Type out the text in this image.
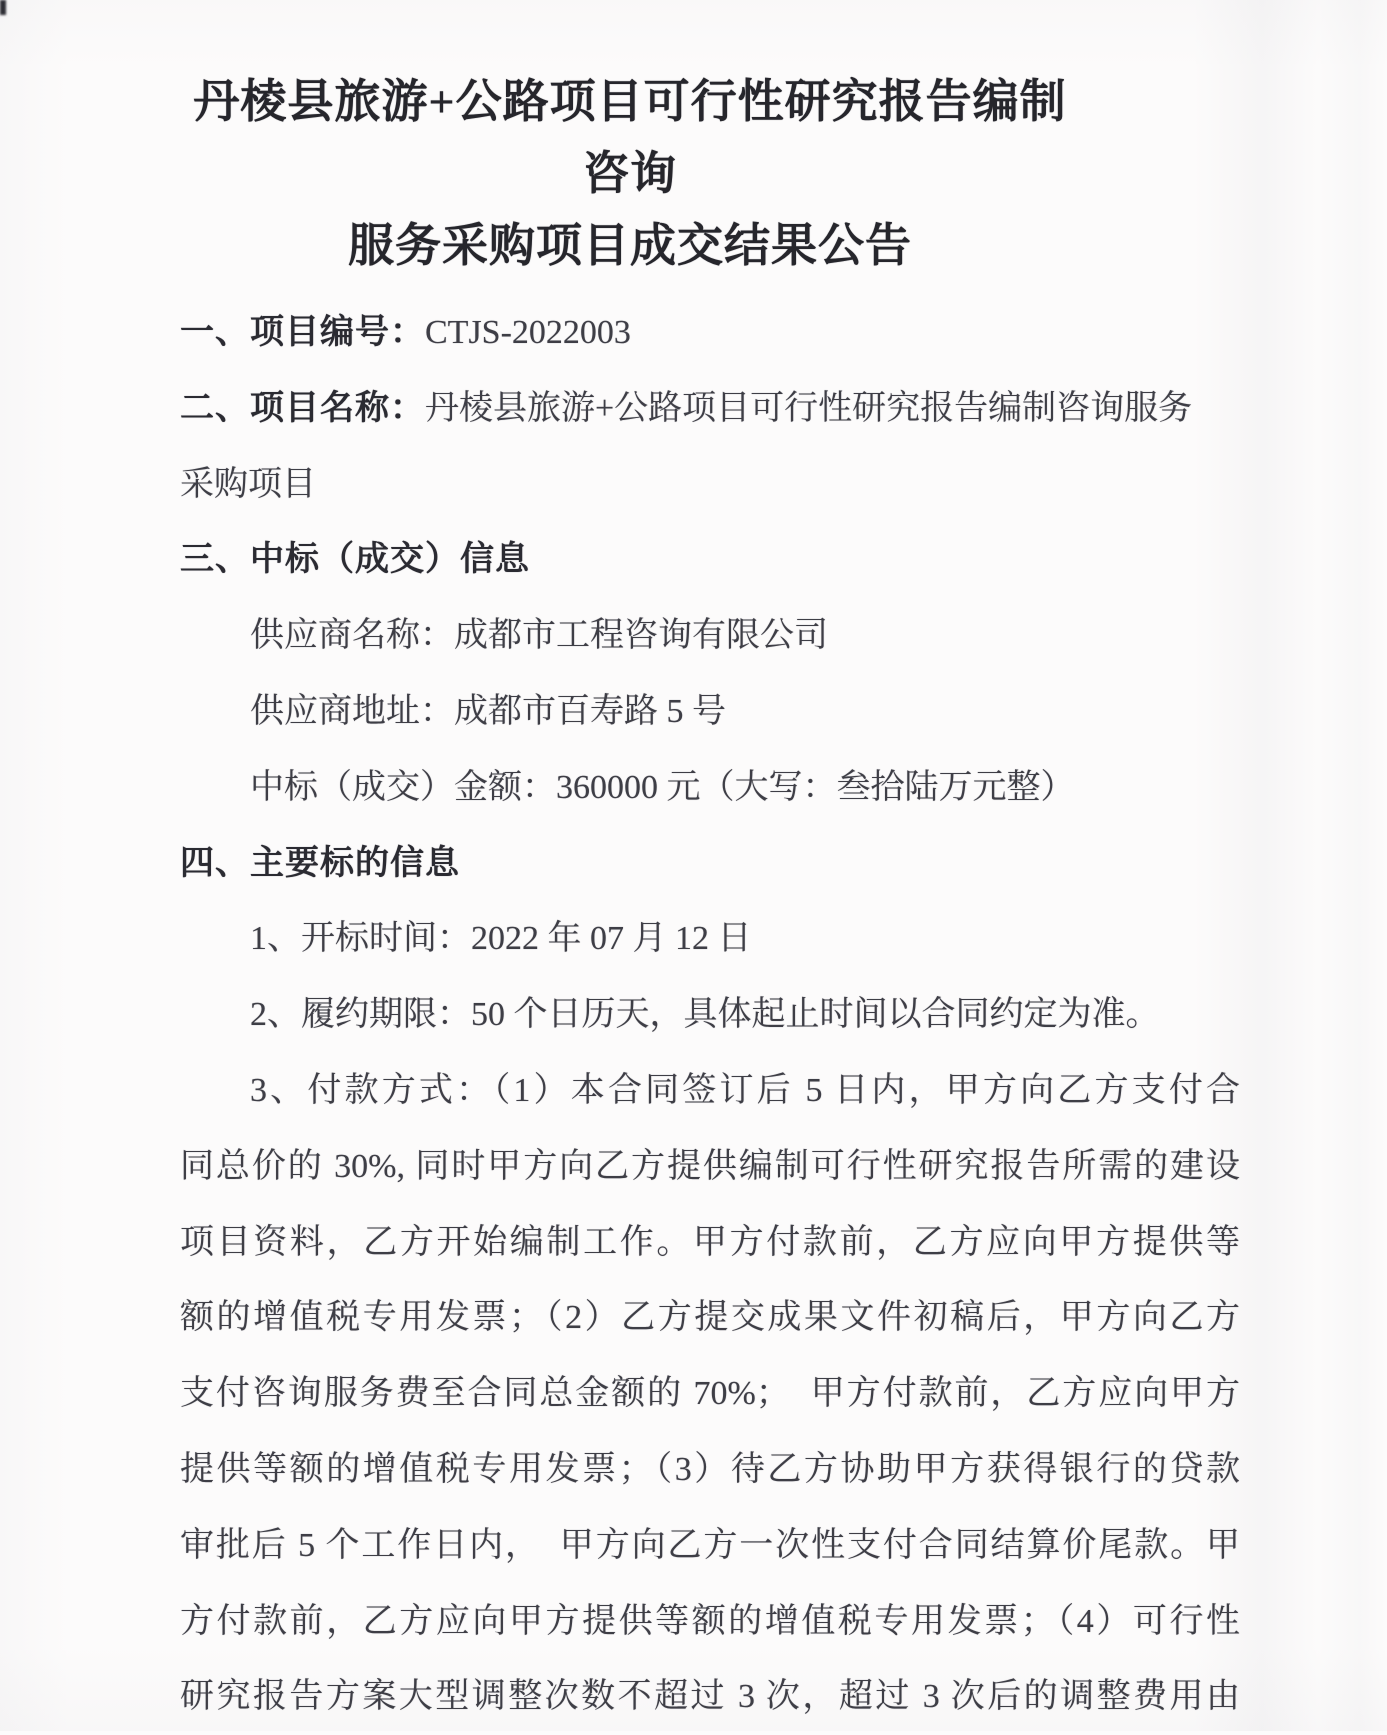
丹棱县旅游+公路项目可行性研究报告编制咨询
服务采购项目成交结果公告
一、项目编号：CTJS-2022003
二、项目名称：丹棱县旅游+公路项目可行性研究报告编制咨询服务
采购项目
三、中标（成交）信息
供应商名称：成都市工程咨询有限公司
供应商地址：成都市百寿路 5 号
中标（成交）金额：360000 元（大写：叁拾陆万元整）
四、主要标的信息
1、开标时间：2022 年 07 月 12 日
2、履约期限：50 个日历天，具体起止时间以合同约定为准。
3、付款方式：（1）本合同签订后 5 日内，甲方向乙方支付合
同总价的 30%, 同时甲方向乙方提供编制可行性研究报告所需的建设
项目资料，乙方开始编制工作。甲方付款前，乙方应向甲方提供等
额的增值税专用发票；（2）乙方提交成果文件初稿后，甲方向乙方
支付咨询服务费至合同总金额的 70%；　甲方付款前，乙方应向甲方
提供等额的增值税专用发票；（3）待乙方协助甲方获得银行的贷款
审批后 5 个工作日内，　甲方向乙方一次性支付合同结算价尾款。甲
方付款前，乙方应向甲方提供等额的增值税专用发票；（4）可行性
研究报告方案大型调整次数不超过 3 次，超过 3 次后的调整费用由
